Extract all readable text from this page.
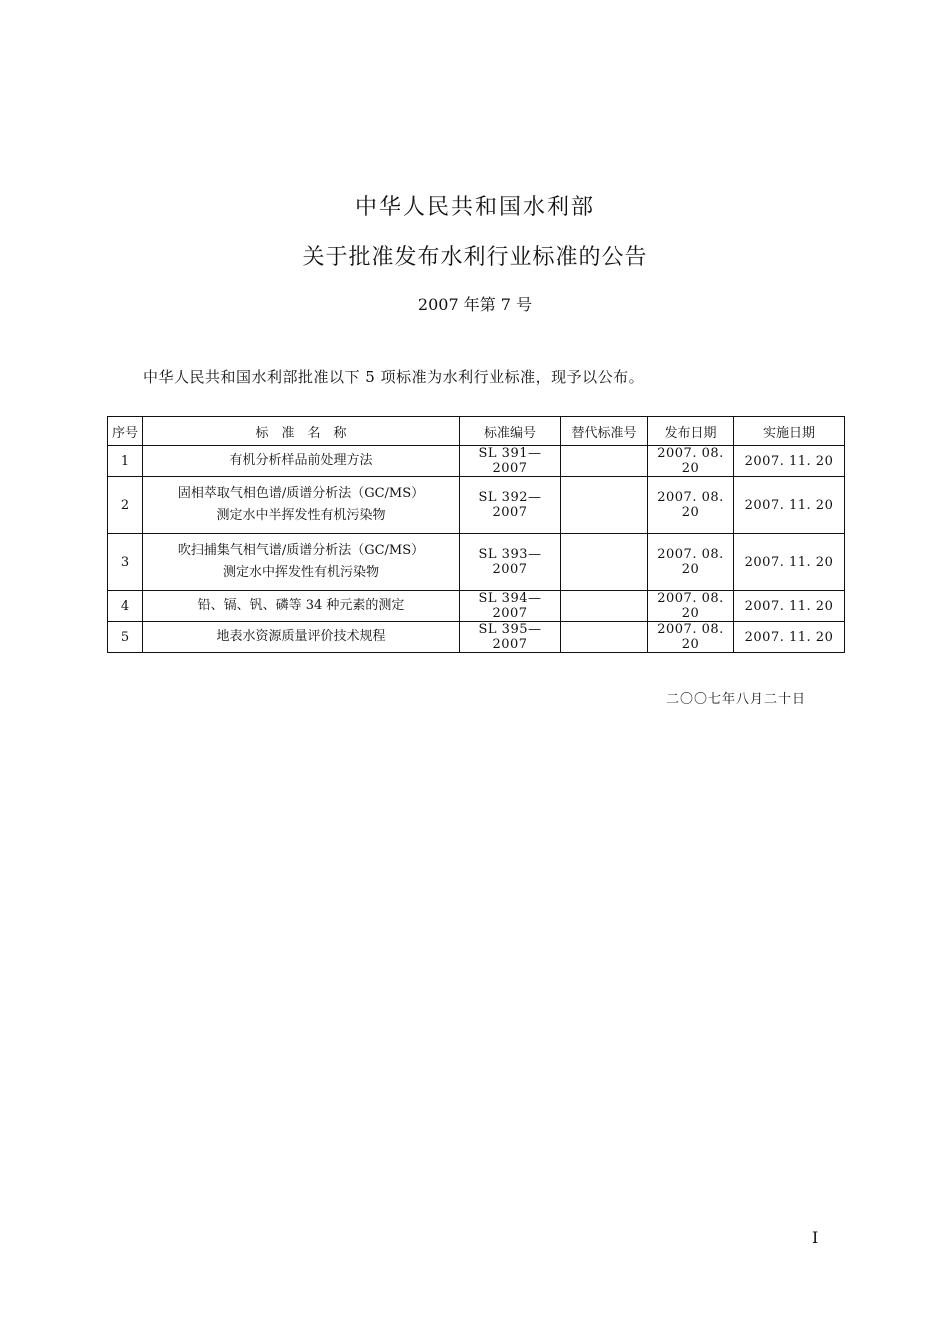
中华人民共和国水利部
关于批准发布水利行业标准的公告
2007 年第 7 号
中华人民共和国水利部批准以下 5 项标准为水利行业标准，现予以公布。
序号	标　准　名　称	标准编号	替代标准号	发布日期	实施日期
1	有机分析样品前处理方法	SL 391—2007		2007. 08. 20	2007. 11. 20
2	固相萃取气相色谱/质谱分析法（GC/MS）
测定水中半挥发性有机污染物	SL 392—2007		2007. 08. 20	2007. 11. 20
3	吹扫捕集气相气谱/质谱分析法（GC/MS）
测定水中挥发性有机污染物	SL 393—2007		2007. 08. 20	2007. 11. 20
4	铅、镉、钒、磷等 34 种元素的测定	SL 394—2007		2007. 08. 20	2007. 11. 20
5	地表水资源质量评价技术规程	SL 395—2007		2007. 08. 20	2007. 11. 20
二〇〇七年八月二十日
I
